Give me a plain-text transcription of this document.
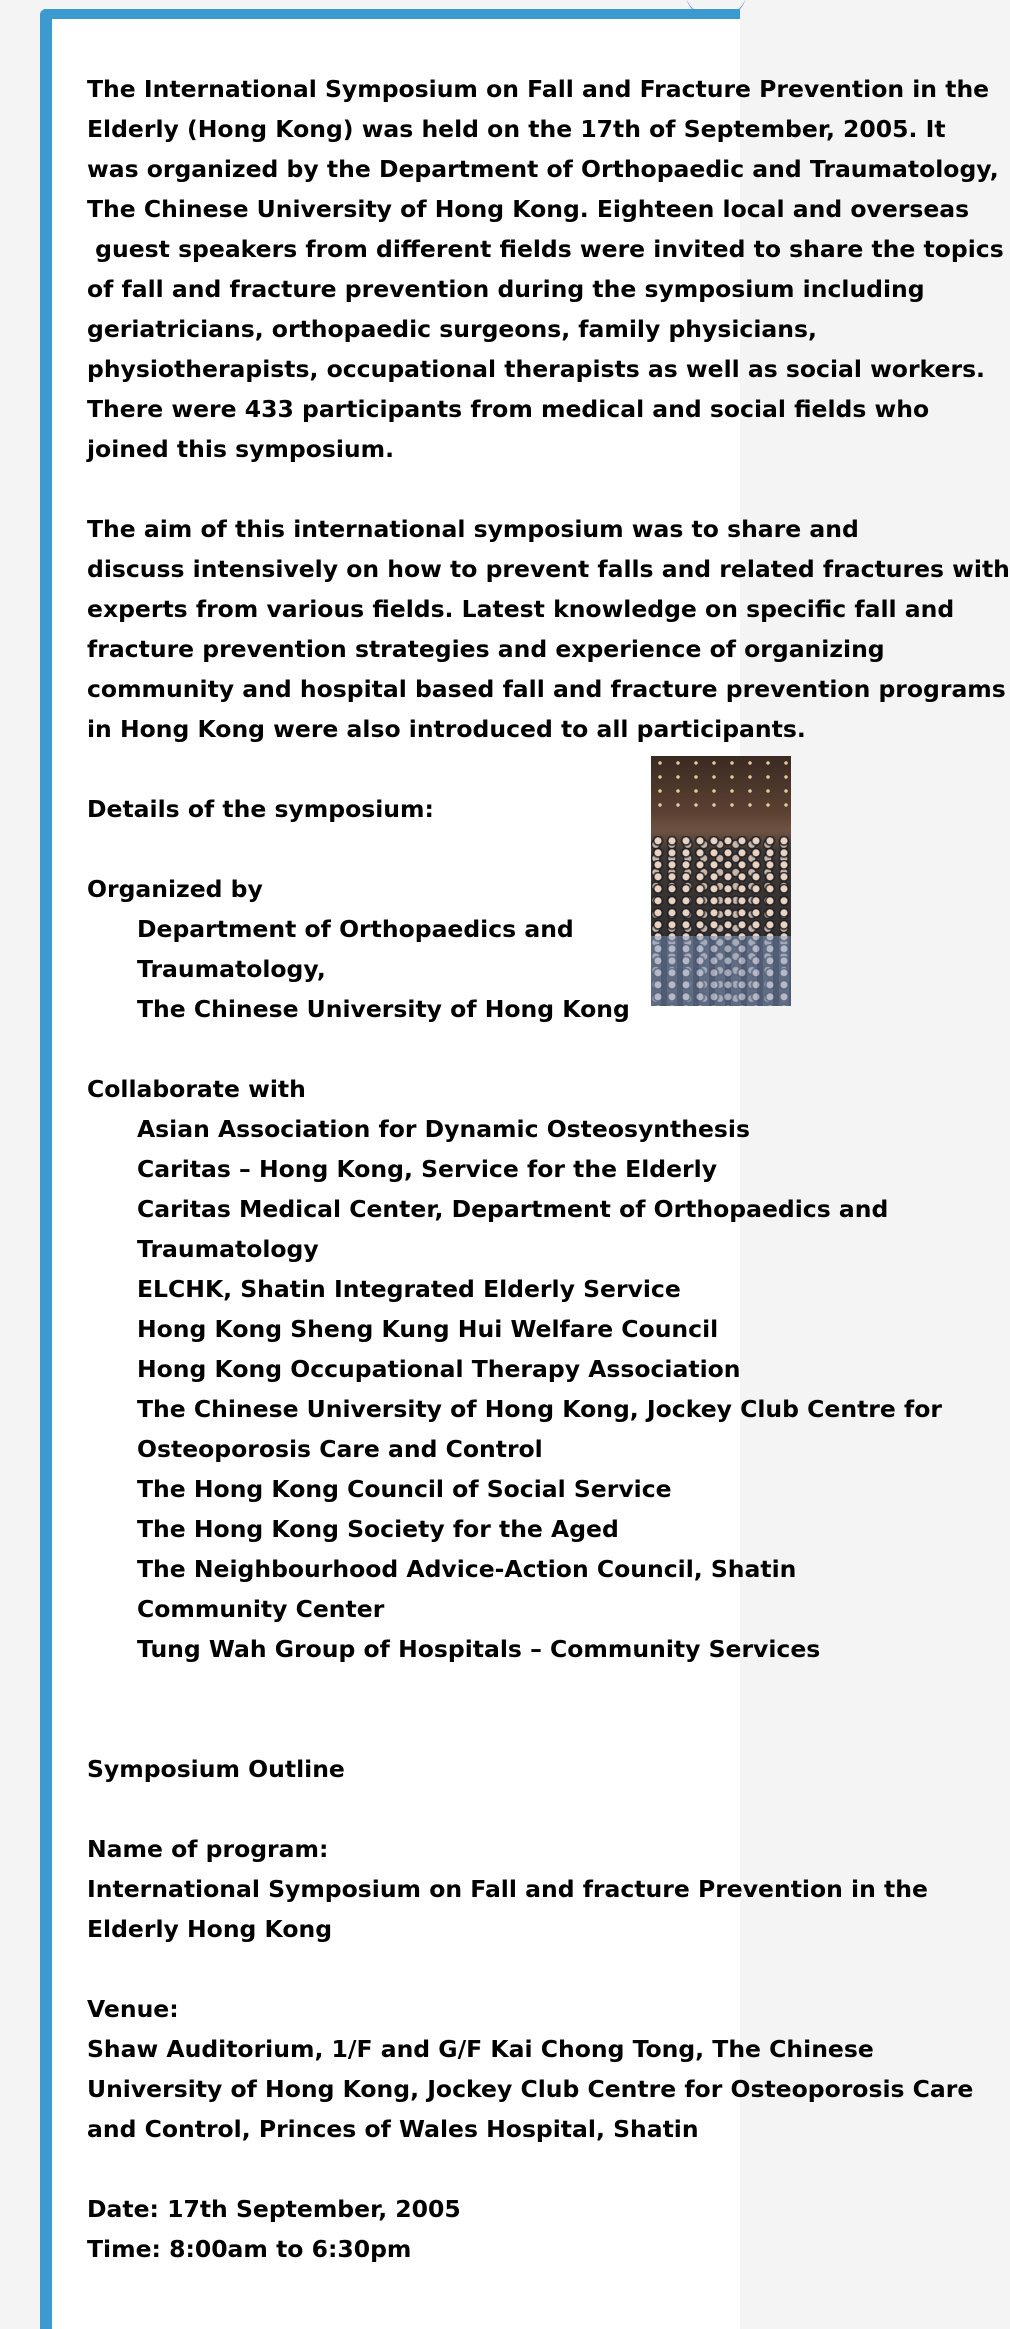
The International Symposium on Fall and Fracture Prevention in the
Elderly (Hong Kong) was held on the 17th of September, 2005. It
was organized by the Department of Orthopaedic and Traumatology,
The Chinese University of Hong Kong. Eighteen local and overseas
guest speakers from different fields were invited to share the topics
of fall and fracture prevention during the symposium including
geriatricians, orthopaedic surgeons, family physicians,
physiotherapists, occupational therapists as well as social workers.
There were 433 participants from medical and social fields who
joined this symposium.
The aim of this international symposium was to share and
discuss intensively on how to prevent falls and related fractures with
experts from various fields. Latest knowledge on specific fall and
fracture prevention strategies and experience of organizing
community and hospital based fall and fracture prevention programs
in Hong Kong were also introduced to all participants.
Details of the symposium:
Organized by
Department of Orthopaedics and
Traumatology,
The Chinese University of Hong Kong
Collaborate with
Asian Association for Dynamic Osteosynthesis
Caritas – Hong Kong, Service for the Elderly
Caritas Medical Center, Department of Orthopaedics and
Traumatology
ELCHK, Shatin Integrated Elderly Service
Hong Kong Sheng Kung Hui Welfare Council
Hong Kong Occupational Therapy Association
The Chinese University of Hong Kong, Jockey Club Centre for
Osteoporosis Care and Control
The Hong Kong Council of Social Service
The Hong Kong Society for the Aged
The Neighbourhood Advice-Action Council, Shatin
Community Center
Tung Wah Group of Hospitals – Community Services
Symposium Outline
Name of program:
International Symposium on Fall and fracture Prevention in the
Elderly Hong Kong
Venue:
Shaw Auditorium, 1/F and G/F Kai Chong Tong, The Chinese
University of Hong Kong, Jockey Club Centre for Osteoporosis Care
and Control, Princes of Wales Hospital, Shatin
Date: 17th September, 2005
Time: 8:00am to 6:30pm
